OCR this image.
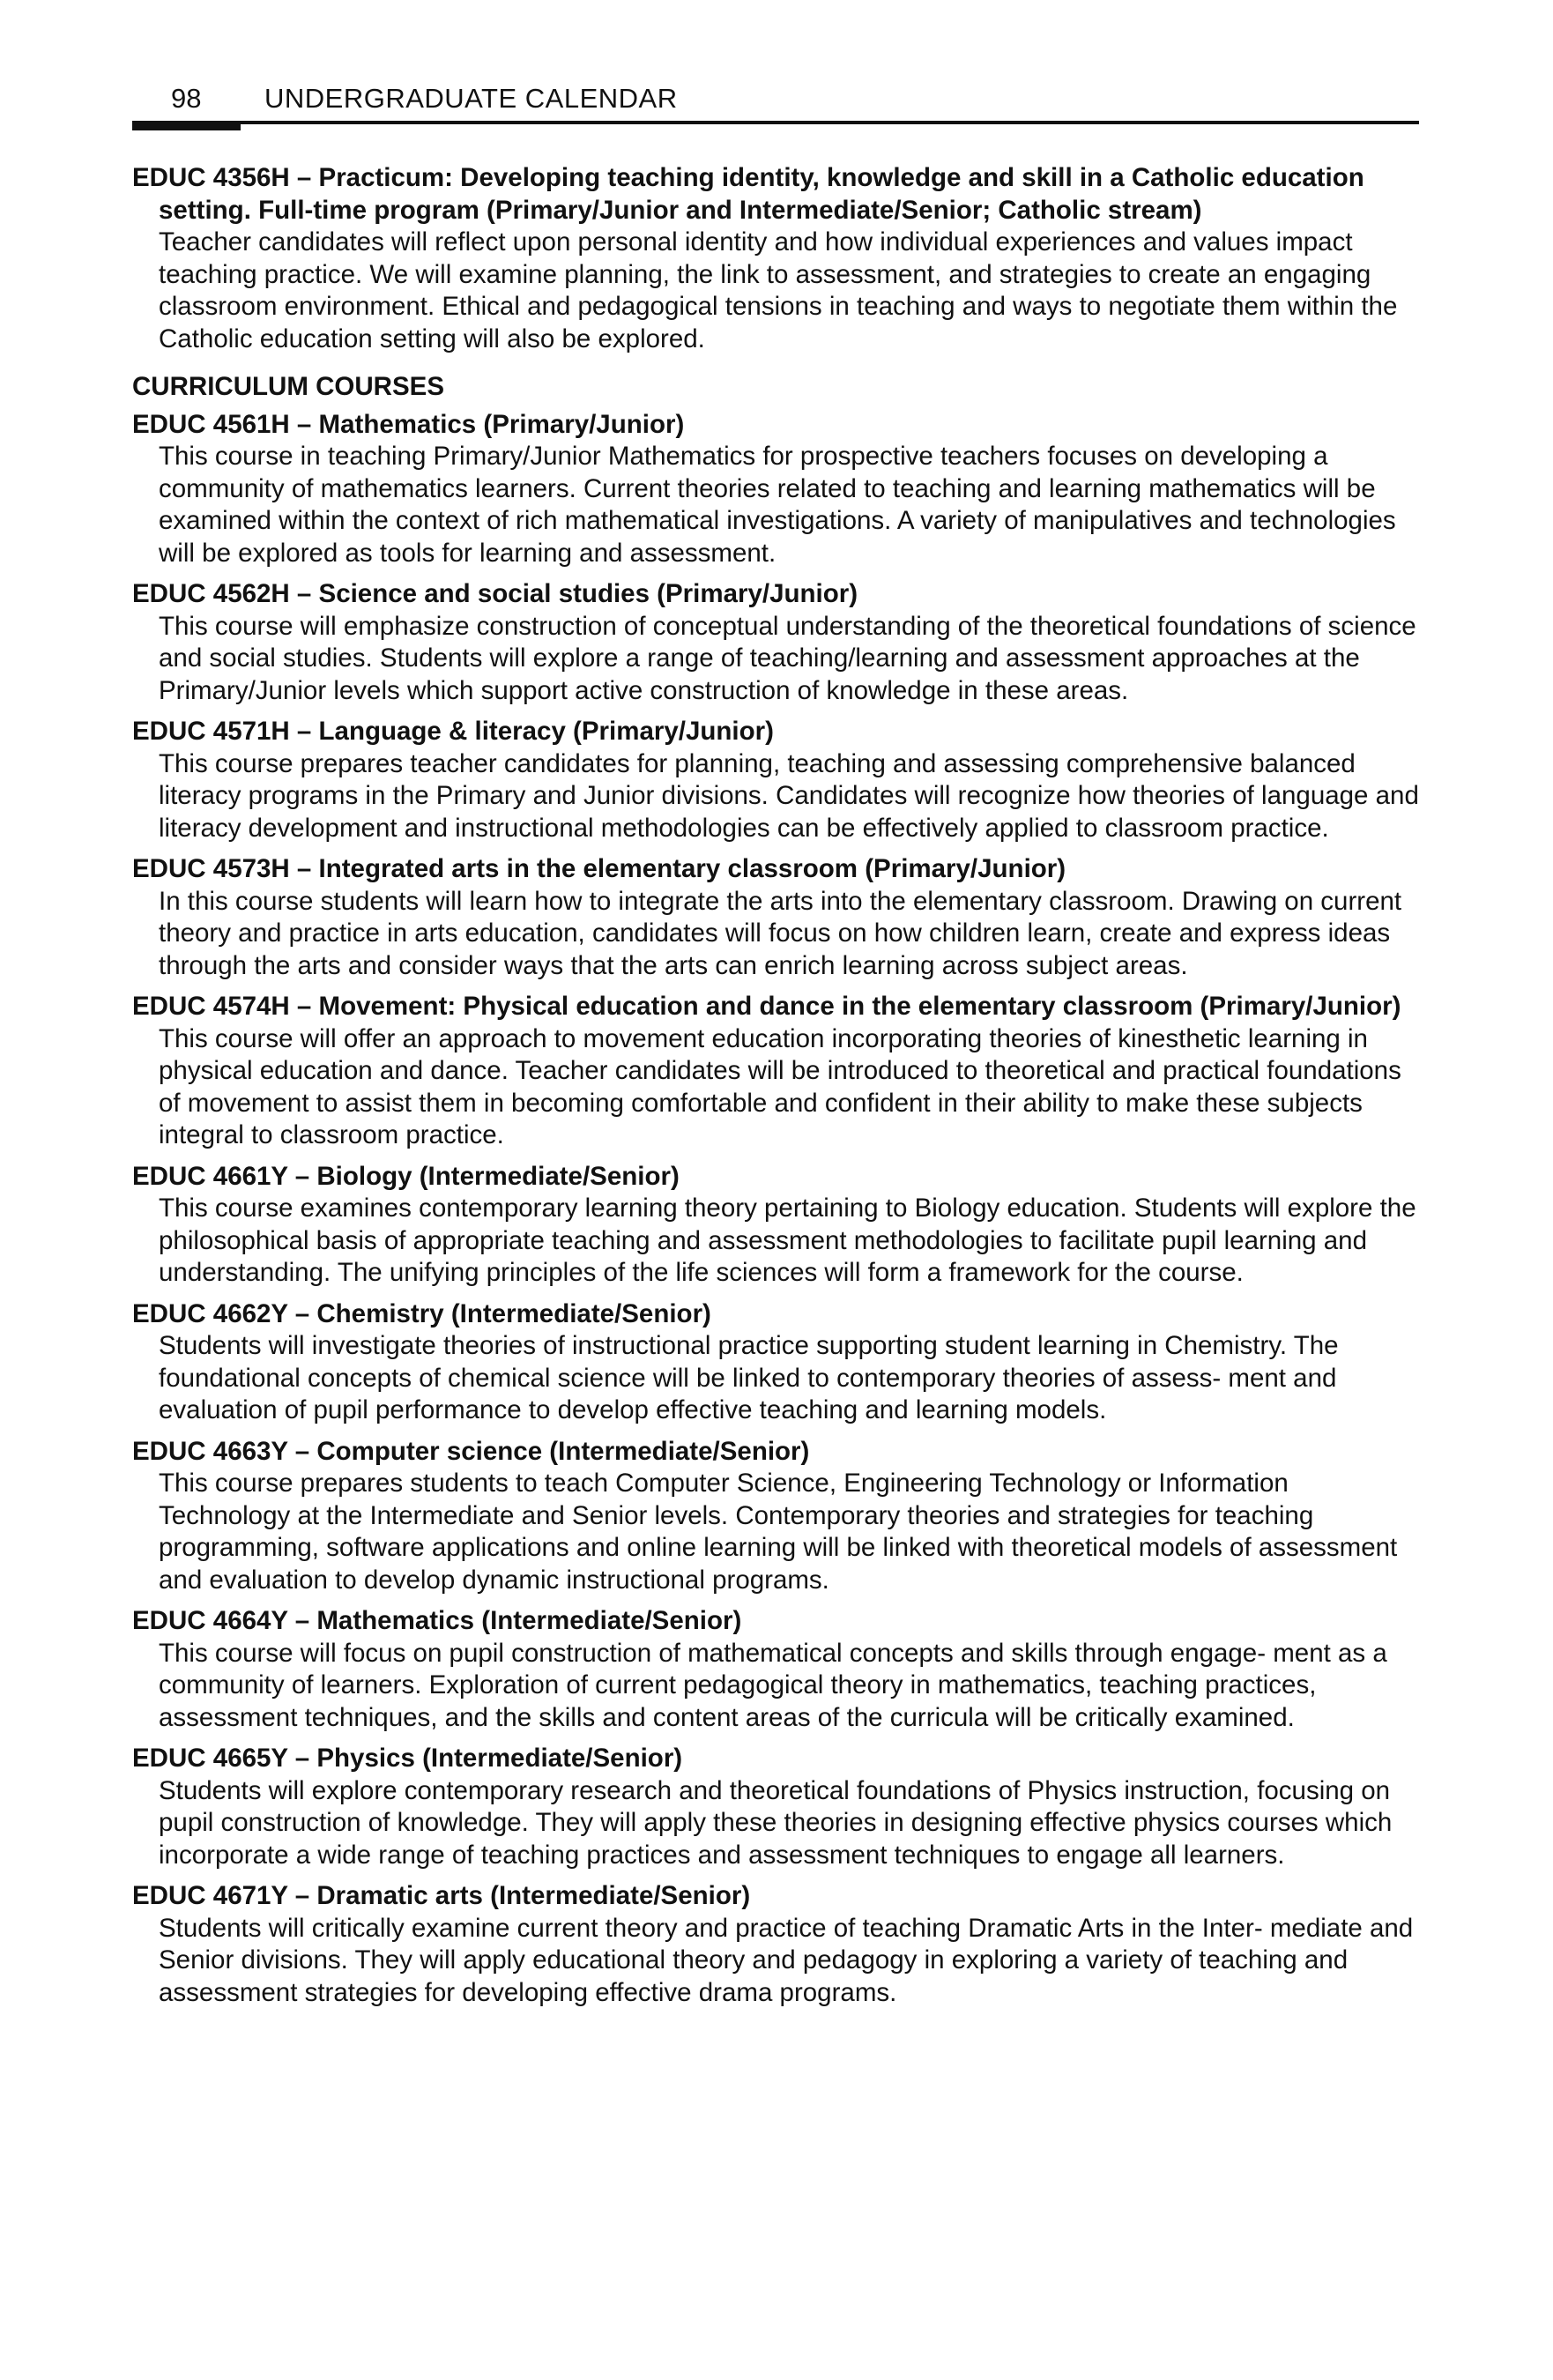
98 UNDERGRADUATE CALENDAR

EDUC 4356H – Practicum: Developing teaching identity, knowledge and skill in a Catholic education setting. Full-time program (Primary/Junior and Intermediate/Senior; Catholic stream)

Teacher candidates will reflect upon personal identity and how individual experiences and values impact teaching practice. We will examine planning, the link to assessment, and strategies to create an engaging classroom environment. Ethical and pedagogical tensions in teaching and ways to negotiate them within the Catholic education setting will also be explored.

CURRICULUM COURSES

EDUC 4561H – Mathematics (Primary/Junior)

This course in teaching Primary/Junior Mathematics for prospective teachers focuses on developing a community of mathematics learners. Current theories related to teaching and learning mathematics will be examined within the context of rich mathematical investigations. A variety of manipulatives and technologies will be explored as tools for learning and assessment.

EDUC 4562H – Science and social studies (Primary/Junior)

This course will emphasize construction of conceptual understanding of the theoretical foundations of science and social studies. Students will explore a range of teaching/learning and assessment approaches at the Primary/Junior levels which support active construction of knowledge in these areas.

EDUC 4571H – Language & literacy (Primary/Junior)

This course prepares teacher candidates for planning, teaching and assessing comprehensive balanced literacy programs in the Primary and Junior divisions. Candidates will recognize how theories of language and literacy development and instructional methodologies can be effectively applied to classroom practice.

EDUC 4573H – Integrated arts in the elementary classroom (Primary/Junior)

In this course students will learn how to integrate the arts into the elementary classroom. Drawing on current theory and practice in arts education, candidates will focus on how children learn, create and express ideas through the arts and consider ways that the arts can enrich learning across subject areas.

EDUC 4574H – Movement: Physical education and dance in the elementary classroom (Primary/Junior)

This course will offer an approach to movement education incorporating theories of kinesthetic learning in physical education and dance. Teacher candidates will be introduced to theoretical and practical foundations of movement to assist them in becoming comfortable and confident in their ability to make these subjects integral to classroom practice.

EDUC 4661Y – Biology (Intermediate/Senior)

This course examines contemporary learning theory pertaining to Biology education. Students will explore the philosophical basis of appropriate teaching and assessment methodologies to facilitate pupil learning and understanding. The unifying principles of the life sciences will form a framework for the course.

EDUC 4662Y – Chemistry (Intermediate/Senior)

Students will investigate theories of instructional practice supporting student learning in Chemistry. The foundational concepts of chemical science will be linked to contemporary theories of assess- ment and evaluation of pupil performance to develop effective teaching and learning models.

EDUC 4663Y – Computer science (Intermediate/Senior)

This course prepares students to teach Computer Science, Engineering Technology or Information Technology at the Intermediate and Senior levels. Contemporary theories and strategies for teaching programming, software applications and online learning will be linked with theoretical models of assessment and evaluation to develop dynamic instructional programs.

EDUC 4664Y – Mathematics (Intermediate/Senior)

This course will focus on pupil construction of mathematical concepts and skills through engage- ment as a community of learners. Exploration of current pedagogical theory in mathematics, teaching practices, assessment techniques, and the skills and content areas of the curricula will be critically examined.

EDUC 4665Y – Physics (Intermediate/Senior)

Students will explore contemporary research and theoretical foundations of Physics instruction, focusing on pupil construction of knowledge. They will apply these theories in designing effective physics courses which incorporate a wide range of teaching practices and assessment techniques to engage all learners.

EDUC 4671Y – Dramatic arts (Intermediate/Senior)

Students will critically examine current theory and practice of teaching Dramatic Arts in the Inter- mediate and Senior divisions. They will apply educational theory and pedagogy in exploring a variety of teaching and assessment strategies for developing effective drama programs.
